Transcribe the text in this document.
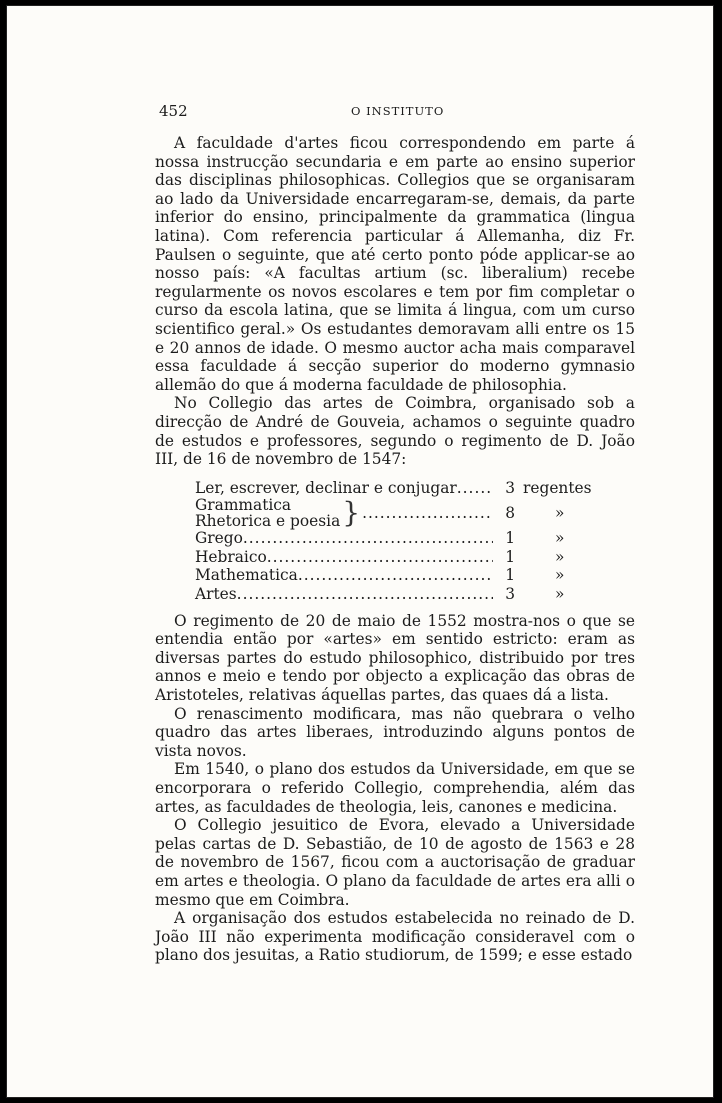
452	O INSTITUTO

A faculdade d'artes ficou correspondendo em parte á nossa instrucção secundaria e em parte ao ensino superior das disciplinas philosophicas. Collegios que se organisaram ao lado da Universidade encarregaram-se, demais, da parte inferior do ensino, principalmente da grammatica (lingua latina). Com referencia particular á Allemanha, diz Fr. Paulsen o seguinte, que até certo ponto póde applicar-se ao nosso país: «A facultas artium (sc. liberalium) recebe regularmente os novos escolares e tem por fim completar o curso da escola latina, que se limita á lingua, com um curso scientifico geral.» Os estudantes demoravam alli entre os 15 e 20 annos de idade. O mesmo auctor acha mais comparavel essa faculdade á secção superior do moderno gymnasio allemão do que á moderna faculdade de philosophia.

No Collegio das artes de Coimbra, organisado sob a direcção de André de Gouveia, achamos o seguinte quadro de estudos e professores, segundo o regimento de D. João III, de 16 de novembro de 1547:

Ler, escrever, declinar e conjugar .....	3 regentes
Grammatica
Rhetorica e poesia } .....	8	»
Grego .....	1	»
Hebraico .....	1	»
Mathematica .....	1	»
Artes .....	3	»

O regimento de 20 de maio de 1552 mostra-nos o que se entendia então por «artes» em sentido estricto: eram as diversas partes do estudo philosophico, distribuido por tres annos e meio e tendo por objecto a explicação das obras de Aristoteles, relativas áquellas partes, das quaes dá a lista.

O renascimento modificara, mas não quebrara o velho quadro das artes liberaes, introduzindo alguns pontos de vista novos.

Em 1540, o plano dos estudos da Universidade, em que se encorporara o referido Collegio, comprehendia, além das artes, as faculdades de theologia, leis, canones e medicina.

O Collegio jesuitico de Evora, elevado a Universidade pelas cartas de D. Sebastião, de 10 de agosto de 1563 e 28 de novembro de 1567, ficou com a auctorisação de graduar em artes e theologia. O plano da faculdade de artes era alli o mesmo que em Coimbra.

A organisação dos estudos estabelecida no reinado de D. João III não experimenta modificação consideravel com o plano dos jesuitas, a Ratio studiorum, de 1599; e esse estado
